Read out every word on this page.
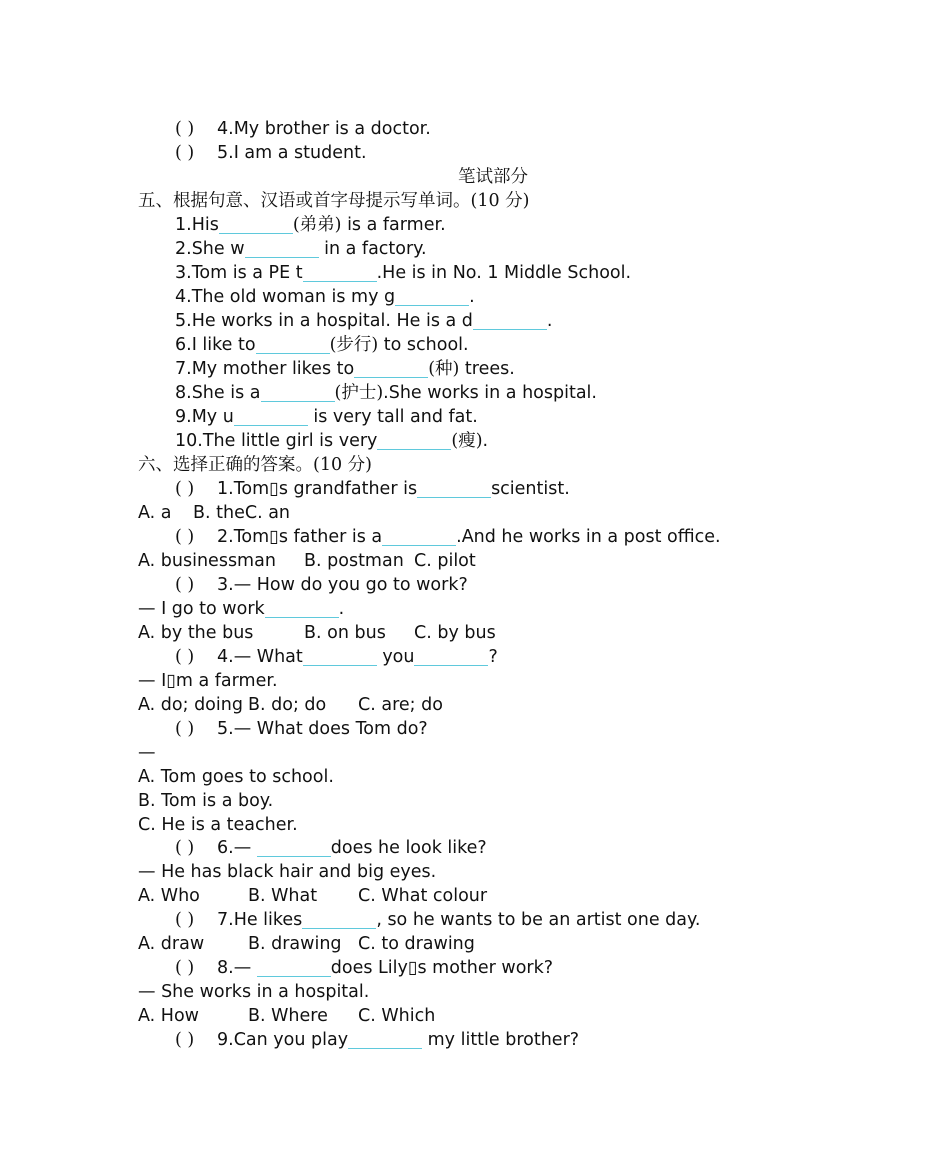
( ) 4.My brother is a doctor.
( ) 5.I am a student.
笔试部分
五、根据句意、汉语或首字母提示写单词。(10 分)
1.His	(弟弟) is a farmer.
2.She w	in a factory.
3.Tom is a PE t	.He is in No. 1 Middle School.
4.The old woman is my g	.
5.He works in a hospital. He is a d	.
6.I like to	(步行) to school.
7.My mother likes to	(种) trees.
8.She is a	(护士).She works in a hospital.
9.My u	is very tall and fat.
10.The little girl is very	(瘦).
六、选择正确的答案。(10 分)
( ) 1.Tom▯s grandfather is	scientist.
A. a B. theC. an
( ) 2.Tom▯s father is a	.And he works in a post office.
A. businessman B. postman C. pilot
( ) 3.— How do you go to work?
— I go to work	.
A. by the bus	B. on bus C. by bus
( ) 4.— What	you	?
— I▯m a farmer.
A. do; doing B. do; do C. are; do
( ) 5.— What does Tom do?
—
A. Tom goes to school.
B. Tom is a boy.
C. He is a teacher.
( ) 6.—	does he look like?
— He has black hair and big eyes.
A. Who	B. What C. What colour
( ) 7.He likes	, so he wants to be an artist one day.
A. draw	B. drawing C. to drawing
( ) 8.—	does Lily▯s mother work?
— She works in a hospital.
A. How	B. Where C. Which
( ) 9.Can you play	my little brother?
